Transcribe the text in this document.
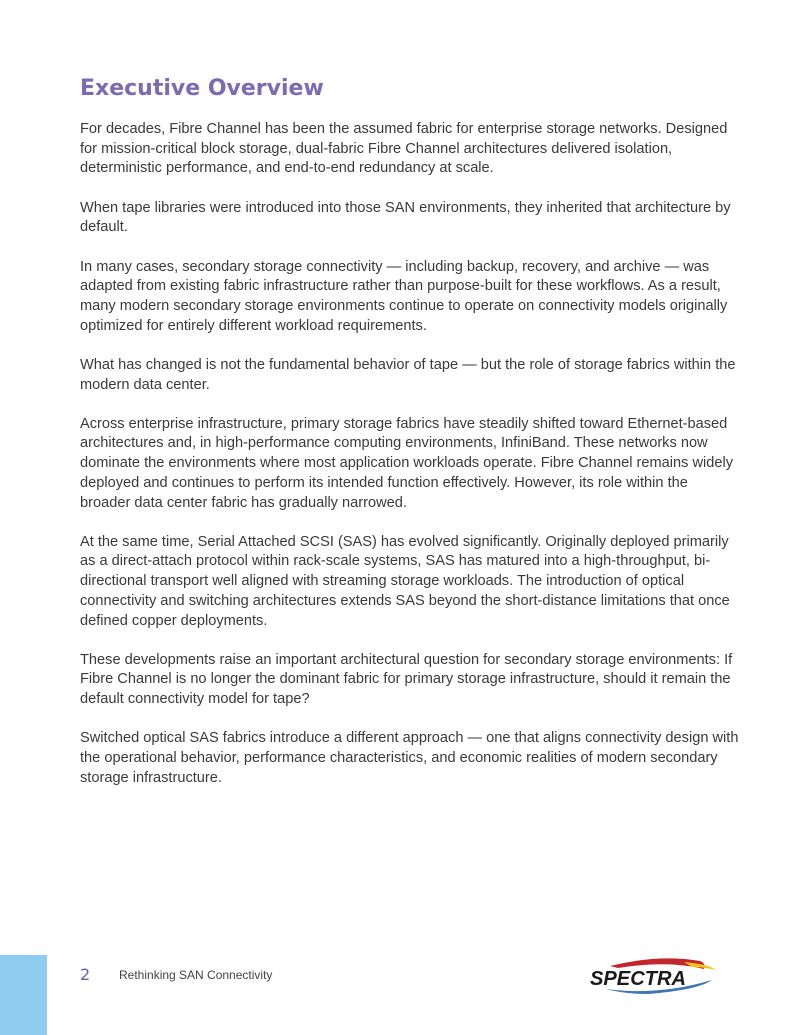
Executive Overview

For decades, Fibre Channel has been the assumed fabric for enterprise storage networks. Designed for mission-critical block storage, dual-fabric Fibre Channel architectures delivered isolation, deterministic performance, and end-to-end redundancy at scale.

When tape libraries were introduced into those SAN environments, they inherited that architecture by default.

In many cases, secondary storage connectivity — including backup, recovery, and archive — was adapted from existing fabric infrastructure rather than purpose-built for these workflows. As a result, many modern secondary storage environments continue to operate on connectivity models originally optimized for entirely different workload requirements.

What has changed is not the fundamental behavior of tape — but the role of storage fabrics within the modern data center.

Across enterprise infrastructure, primary storage fabrics have steadily shifted toward Ethernet-based architectures and, in high-performance computing environments, InfiniBand. These networks now dominate the environments where most application workloads operate. Fibre Channel remains widely deployed and continues to perform its intended function effectively. However, its role within the broader data center fabric has gradually narrowed.

At the same time, Serial Attached SCSI (SAS) has evolved significantly. Originally deployed primarily as a direct-attach protocol within rack-scale systems, SAS has matured into a high-throughput, bi-directional transport well aligned with streaming storage workloads. The introduction of optical connectivity and switching architectures extends SAS beyond the short-distance limitations that once defined copper deployments.

These developments raise an important architectural question for secondary storage environments: If Fibre Channel is no longer the dominant fabric for primary storage infrastructure, should it remain the default connectivity model for tape?

Switched optical SAS fabrics introduce a different approach — one that aligns connectivity design with the operational behavior, performance characteristics, and economic realities of modern secondary storage infrastructure.

2 Rethinking SAN Connectivity	SPECTRA
